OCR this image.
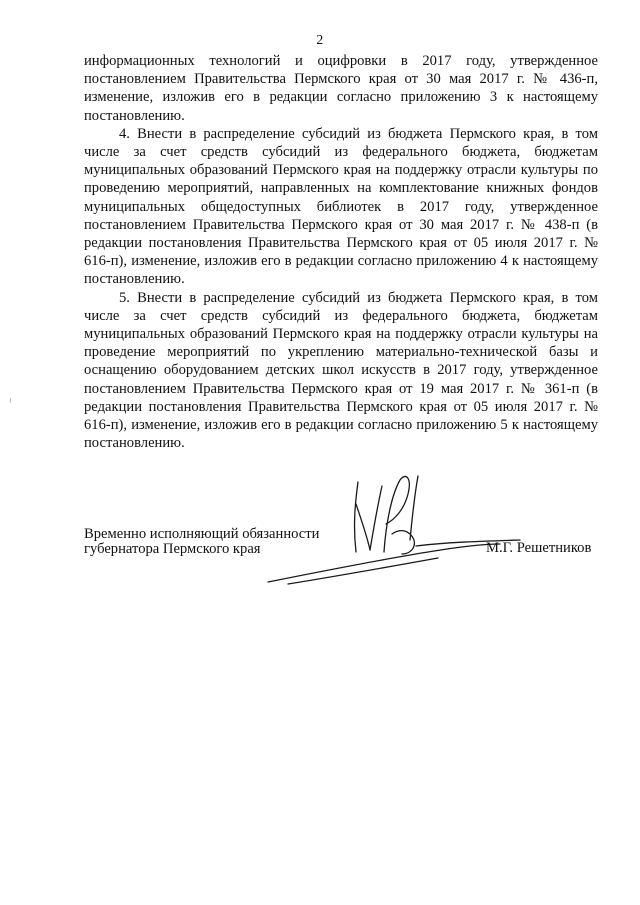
2

информационных технологий и оцифровки в 2017 году, утвержденное постановлением Правительства Пермского края от 30 мая 2017 г. № 436-п, изменение, изложив его в редакции согласно приложению 3 к настоящему постановлению.

4. Внести в распределение субсидий из бюджета Пермского края, в том числе за счет средств субсидий из федерального бюджета, бюджетам муниципальных образований Пермского края на поддержку отрасли культуры по проведению мероприятий, направленных на комплектование книжных фондов муниципальных общедоступных библиотек в 2017 году, утвержденное постановлением Правительства Пермского края от 30 мая 2017 г. № 438-п (в редакции постановления Правительства Пермского края от 05 июля 2017 г. № 616-п), изменение, изложив его в редакции согласно приложению 4 к настоящему постановлению.

5. Внести в распределение субсидий из бюджета Пермского края, в том числе за счет средств субсидий из федерального бюджета, бюджетам муниципальных образований Пермского края на поддержку отрасли культуры на проведение мероприятий по укреплению материально-технической базы и оснащению оборудованием детских школ искусств в 2017 году, утвержденное постановлением Правительства Пермского края от 19 мая 2017 г. № 361-п (в редакции постановления Правительства Пермского края от 05 июля 2017 г. № 616-п), изменение, изложив его в редакции согласно приложению 5 к настоящему постановлению.

Временно исполняющий обязанности
губернатора Пермского края	М.Г. Решетников
